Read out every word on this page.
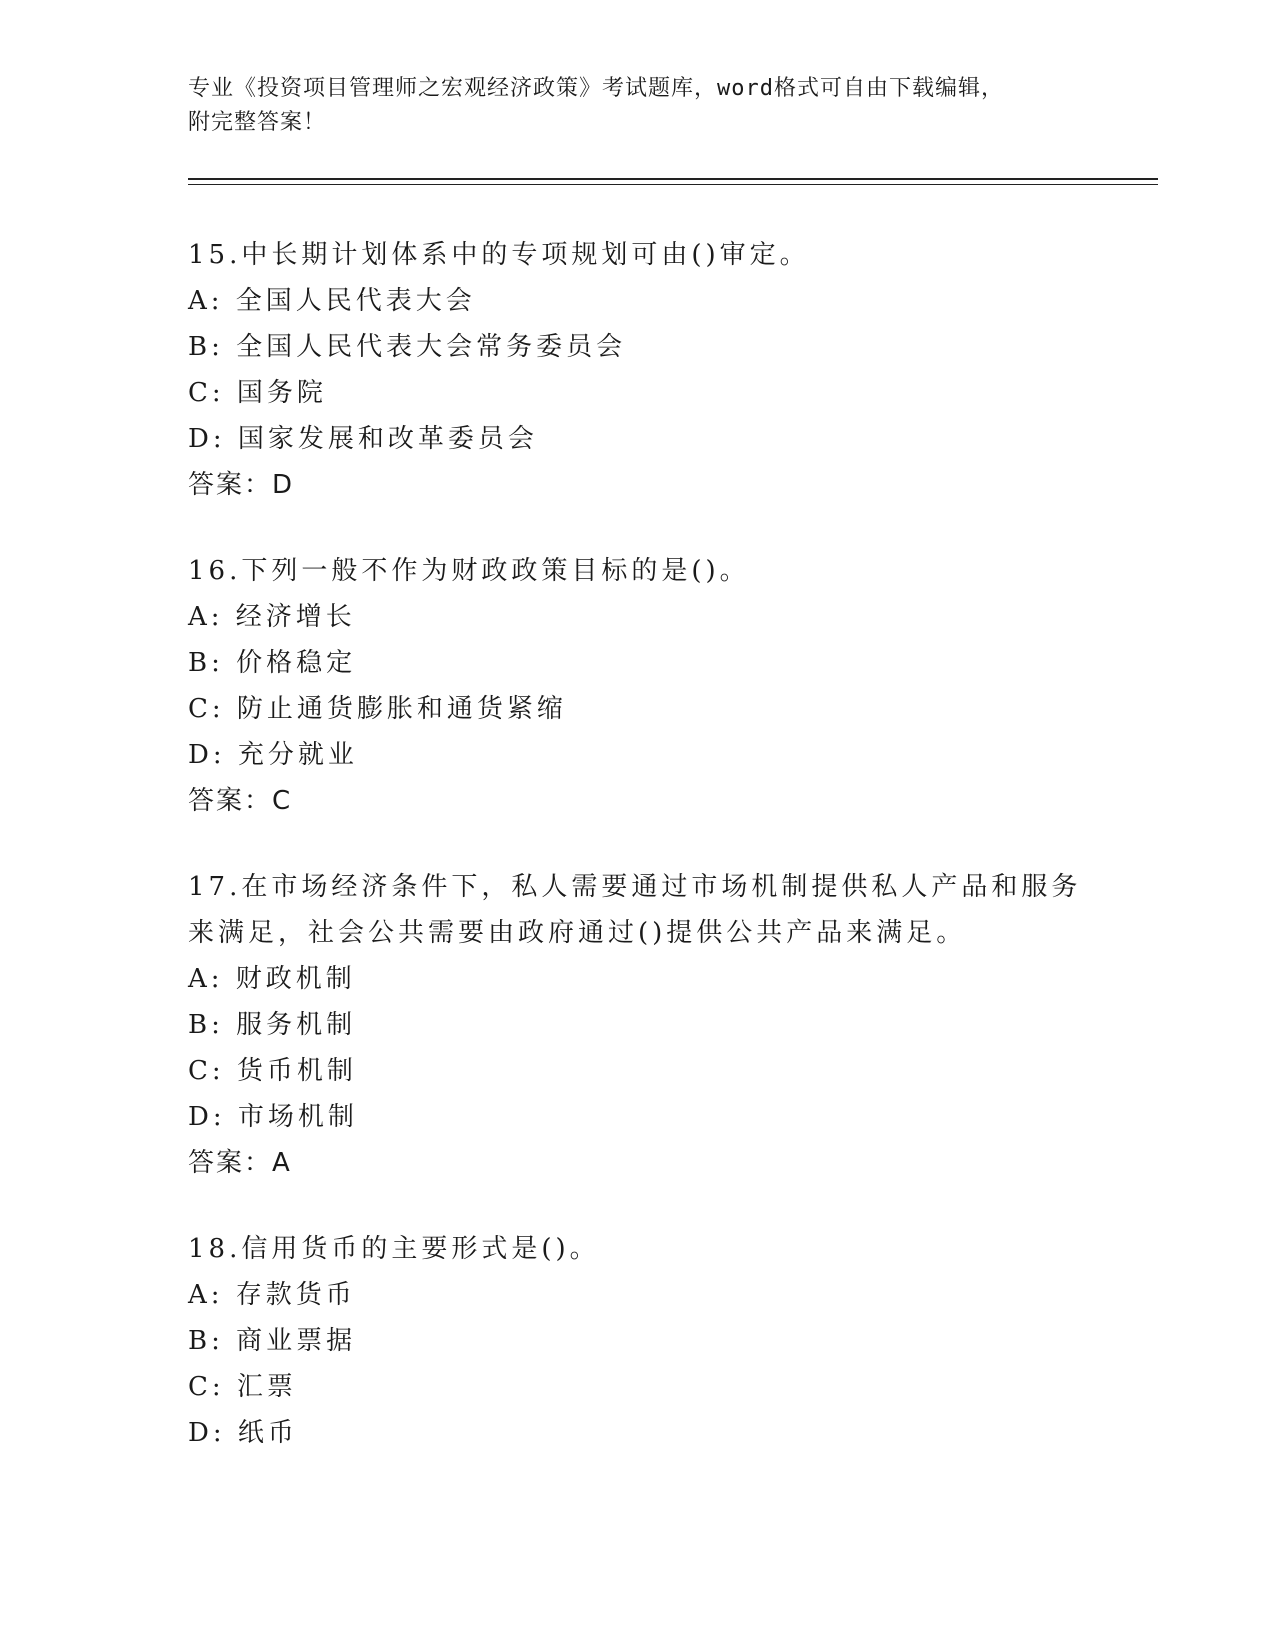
专业《投资项目管理师之宏观经济政策》考试题库，word格式可自由下载编辑，
附完整答案！
15.中长期计划体系中的专项规划可由()审定。
A: 全国人民代表大会
B: 全国人民代表大会常务委员会
C: 国务院
D: 国家发展和改革委员会
答案：D
16.下列一般不作为财政政策目标的是()。
A: 经济增长
B: 价格稳定
C: 防止通货膨胀和通货紧缩
D: 充分就业
答案：C
17.在市场经济条件下，私人需要通过市场机制提供私人产品和服务来满足，社会公共需要由政府通过()提供公共产品来满足。
A: 财政机制
B: 服务机制
C: 货币机制
D: 市场机制
答案：A
18.信用货币的主要形式是()。
A: 存款货币
B: 商业票据
C: 汇票
D: 纸币
